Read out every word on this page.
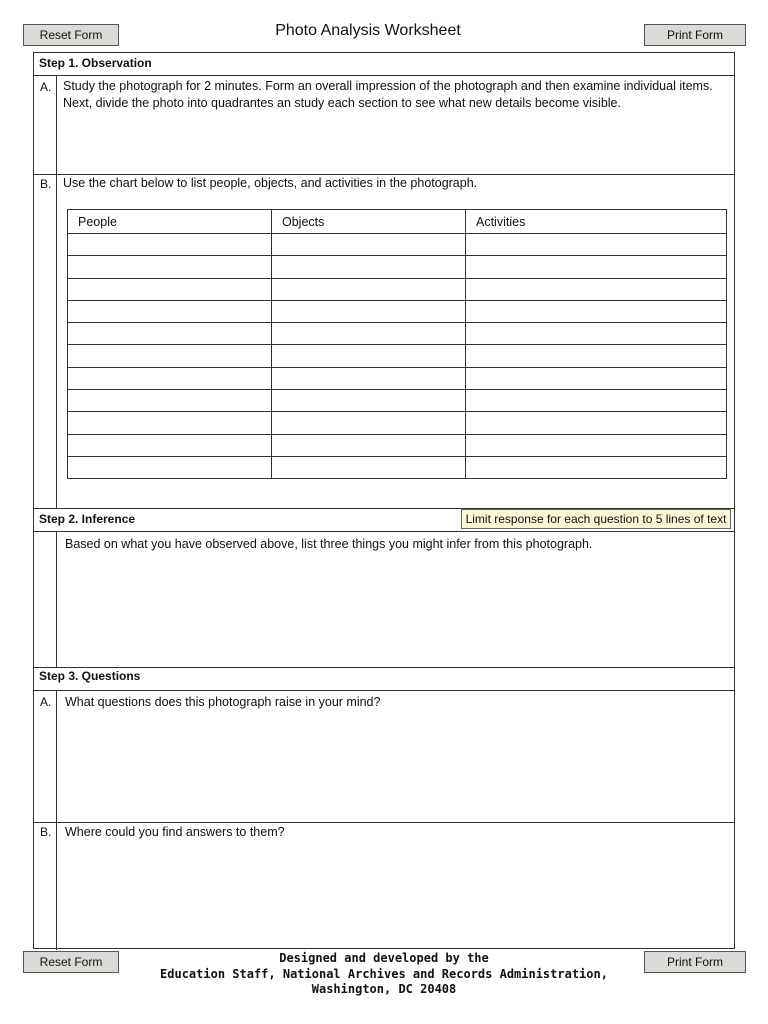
Reset Form	Photo Analysis Worksheet	Print Form
Step 1. Observation
A. Study the photograph for 2 minutes. Form an overall impression of the photograph and then examine individual items. Next, divide the photo into quadrantes an study each section to see what new details become visible.
B. Use the chart below to list people, objects, and activities in the photograph.
People	Objects	Activities

Step 2. Inference	Limit response for each question to 5 lines of text
Based on what you have observed above, list three things you might infer from this photograph.
Step 3. Questions
A. What questions does this photograph raise in your mind?
B. Where could you find answers to them?
Reset Form	Designed and developed by the
Education Staff, National Archives and Records Administration,
Washington, DC 20408
Print Form
